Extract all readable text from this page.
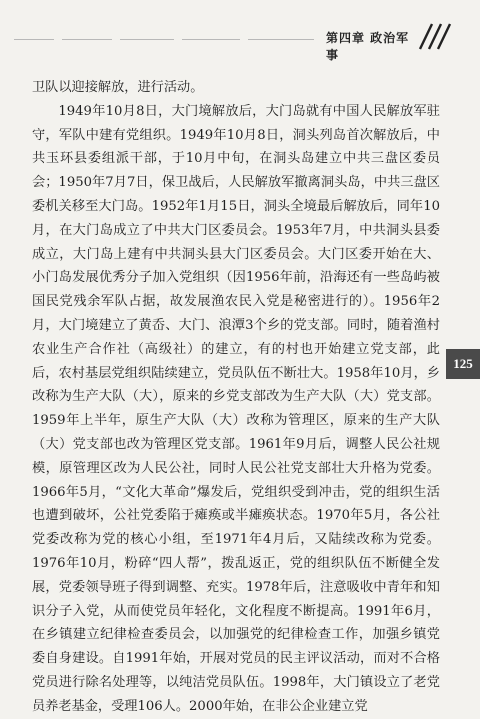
第四章 政治军事

卫队以迎接解放，进行活动。

1949年10月8日，大门境解放后，大门岛就有中国人民解放军驻守，军队中建有党组织。1949年10月8日，洞头列岛首次解放后，中共玉环县委组派干部，于10月中旬，在洞头岛建立中共三盘区委员会；1950年7月7日，保卫战后，人民解放军撤离洞头岛，中共三盘区委机关移至大门岛。1952年1月15日，洞头全境最后解放后，同年10月，在大门岛成立了中共大门区委员会。1953年7月，中共洞头县委成立，大门岛上建有中共洞头县大门区委员会。大门区委开始在大、小门岛发展优秀分子加入党组织（因1956年前，沿海还有一些岛屿被国民党残余军队占据，故发展渔农民入党是秘密进行的）。1956年2月，大门境建立了黄岙、大门、浪潭3个乡的党支部。同时，随着渔村农业生产合作社（高级社）的建立，有的村也开始建立党支部，此后，农村基层党组织陆续建立，党员队伍不断壮大。1958年10月，乡改称为生产大队（大），原来的乡党支部改为生产大队（大）党支部。1959年上半年，原生产大队（大）改称为管理区，原来的生产大队（大）党支部也改为管理区党支部。1961年9月后，调整人民公社规模，原管理区改为人民公社，同时人民公社党支部壮大升格为党委。1966年5月，“文化大革命”爆发后，党组织受到冲击，党的组织生活也遭到破坏，公社党委陷于瘫痪或半瘫痪状态。1970年5月，各公社党委改称为党的核心小组，至1971年4月后，又陆续改称为党委。1976年10月，粉碎“四人帮”，拨乱返正，党的组织队伍不断健全发展，党委领导班子得到调整、充实。1978年后，注意吸收中青年和知识分子入党，从而使党员年轻化，文化程度不断提高。1991年6月，在乡镇建立纪律检查委员会，以加强党的纪律检查工作，加强乡镇党委自身建设。自1991年始，开展对党员的民主评议活动，而对不合格党员进行除名处理等，以纯洁党员队伍。1998年，大门镇设立了老党员养老基金，受理106人。2000年始，在非公企业建立党

125
